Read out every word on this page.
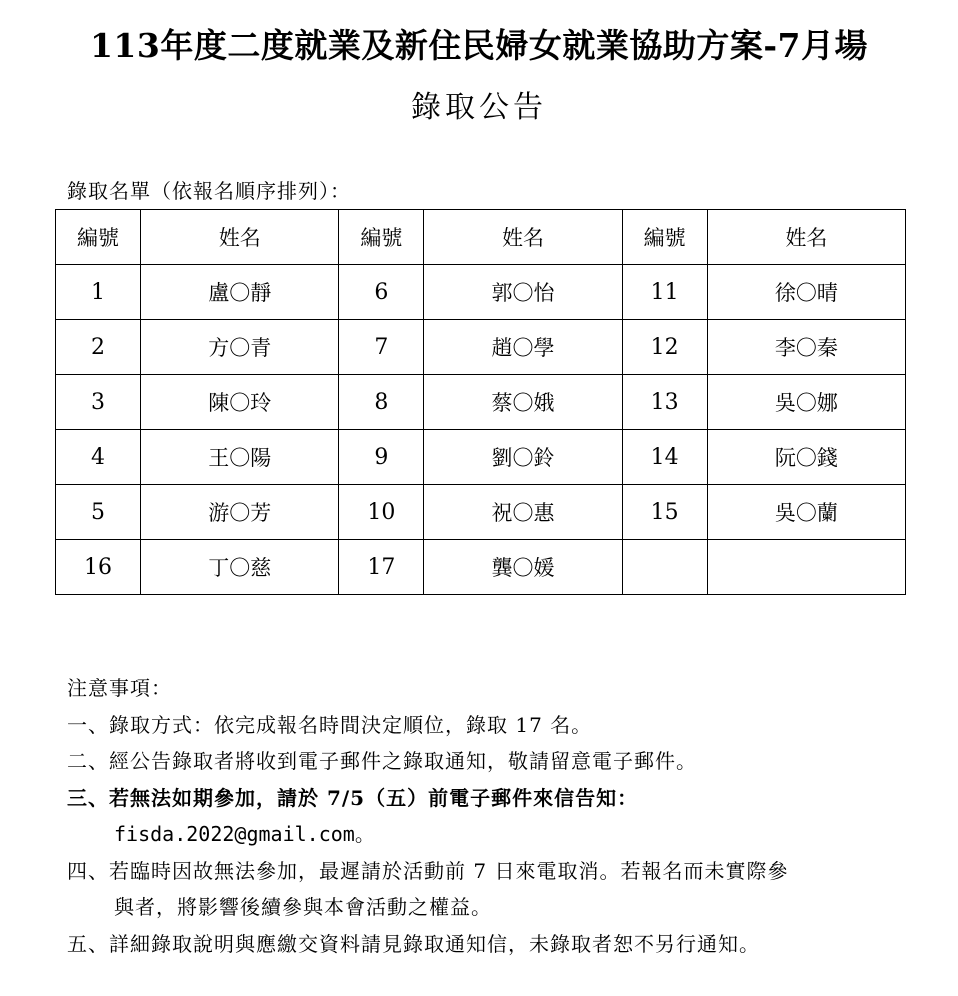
113年度二度就業及新住民婦女就業協助方案-7月場
錄取公告
錄取名單（依報名順序排列）：
編號	姓名	編號	姓名	編號	姓名
1	盧〇靜	6	郭〇怡	11	徐〇晴
2	方〇青	7	趙〇學	12	李〇秦
3	陳〇玲	8	蔡〇娥	13	吳〇娜
4	王〇陽	9	劉〇鈴	14	阮〇錢
5	游〇芳	10	祝〇惠	15	吳〇蘭
16	丁〇慈	17	龔〇媛		
注意事項：
一、錄取方式：依完成報名時間決定順位，錄取 17 名。
二、經公告錄取者將收到電子郵件之錄取通知，敬請留意電子郵件。
三、若無法如期參加，請於 7/5（五）前電子郵件來信告知：
fisda.2022@gmail.com。
四、若臨時因故無法參加，最遲請於活動前 7 日來電取消。若報名而未實際參
與者，將影響後續參與本會活動之權益。
五、詳細錄取說明與應繳交資料請見錄取通知信，未錄取者恕不另行通知。
